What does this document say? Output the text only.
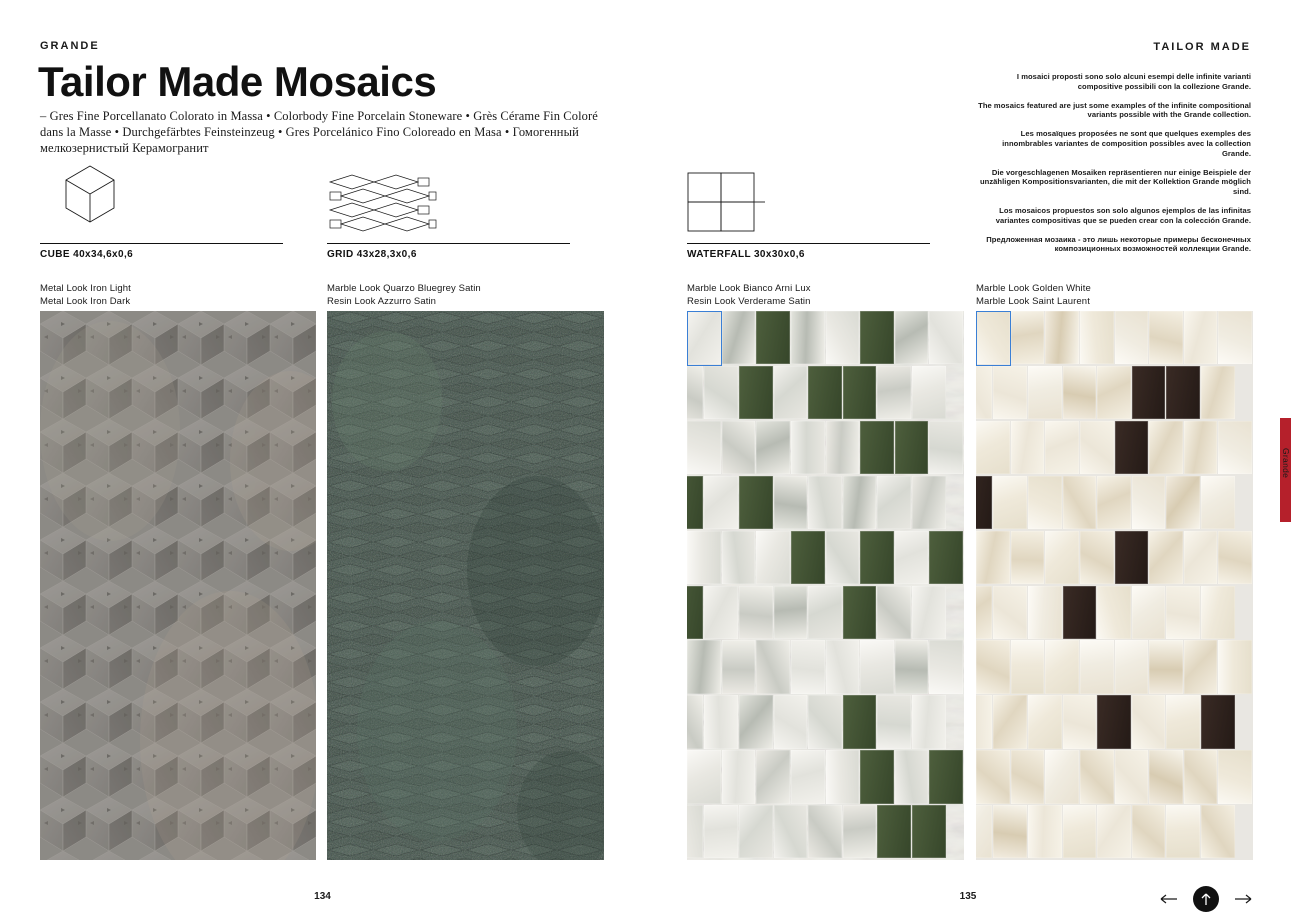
GRANDE
Tailor Made Mosaics
– Gres Fine Porcellanato Colorato in Massa • Colorbody Fine Porcelain Stoneware • Grès Cérame Fin Coloré dans la Masse • Durchgefärbtes Feinsteinzeug • Gres Porcelánico Fino Coloreado en Masa • Гомогенный мелкозернистый Керамогранит
CUBE 40x34,6x0,6	GRID 43x28,3x0,6
Metal Look Iron Light
Metal Look Iron Dark
Marble Look Quarzo Bluegrey Satin
Resin Look Azzurro Satin
134
TAILOR MADE

I mosaici proposti sono solo alcuni esempi delle infinite varianti compositive possibili con la collezione Grande.

The mosaics featured are just some examples of the infinite compositional variants possible with the Grande collection.

Les mosaïques proposées ne sont que quelques exemples des innombrables variantes de composition possibles avec la collection Grande.

Die vorgeschlagenen Mosaiken repräsentieren nur einige Beispiele der unzähligen Kompositionsvarianten, die mit der Kollektion Grande möglich sind.

Los mosaicos propuestos son solo algunos ejemplos de las infinitas variantes compositivas que se pueden crear con la colección Grande.

Предложенная мозаика - это лишь некоторые примеры бесконечных композиционных возможностей коллекции Grande.

WATERFALL 30x30x0,6
Marble Look Bianco Arni Lux
Resin Look Verderame Satin
Marble Look Golden White
Marble Look Saint Laurent
135
Grande
